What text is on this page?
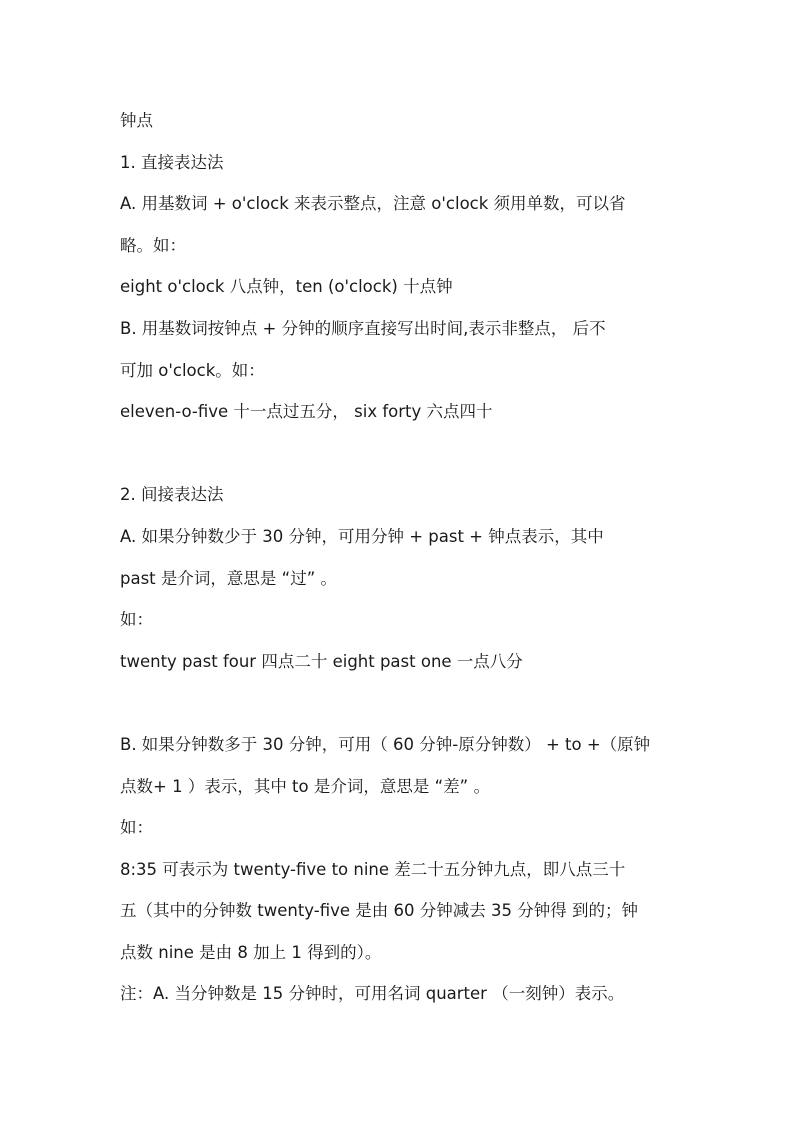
钟点
1. 直接表达法
A. 用基数词 + o'clock 来表示整点，注意 o'clock 须用单数，可以省
略。如：
eight o'clock 八点钟，ten (o'clock) 十点钟
B. 用基数词按钟点 + 分钟的顺序直接写出时间,表示非整点， 后不
可加 o'clock。如：
eleven-o-five 十一点过五分， six forty 六点四十
2. 间接表达法
A. 如果分钟数少于 30 分钟，可用分钟 + past + 钟点表示，其中
past 是介词，意思是 “过” 。
如：
twenty past four 四点二十 eight past one 一点八分
B. 如果分钟数多于 30 分钟，可用（ 60 分钟-原分钟数） + to +（原钟
点数+ 1 ）表示，其中 to 是介词，意思是 “差” 。
如：
8:35 可表示为 twenty-five to nine 差二十五分钟九点，即八点三十
五（其中的分钟数 twenty-five 是由 60 分钟减去 35 分钟得 到的；钟
点数 nine 是由 8 加上 1 得到的）。
注：A. 当分钟数是 15 分钟时，可用名词 quarter （一刻钟）表示。
